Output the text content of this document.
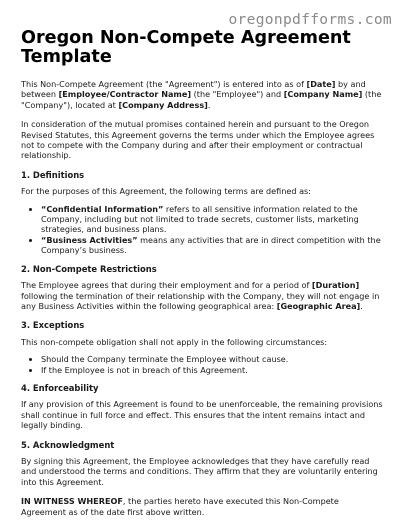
oregonpdfforms.com
Oregon Non-Compete Agreement Template

This Non-Compete Agreement (the "Agreement") is entered into as of [Date] by and between [Employee/Contractor Name] (the "Employee") and [Company Name] (the "Company"), located at [Company Address].

In consideration of the mutual promises contained herein and pursuant to the Oregon Revised Statutes, this Agreement governs the terms under which the Employee agrees not to compete with the Company during and after their employment or contractual relationship.

1. Definitions

For the purposes of this Agreement, the following terms are defined as:

• “Confidential Information” refers to all sensitive information related to the Company, including but not limited to trade secrets, customer lists, marketing strategies, and business plans.
• “Business Activities” means any activities that are in direct competition with the Company’s business.
2. Non-Compete Restrictions

The Employee agrees that during their employment and for a period of [Duration] following the termination of their relationship with the Company, they will not engage in any Business Activities within the following geographical area: [Geographic Area].

3. Exceptions

This non-compete obligation shall not apply in the following circumstances:

• Should the Company terminate the Employee without cause.
• If the Employee is not in breach of this Agreement.
4. Enforceability

If any provision of this Agreement is found to be unenforceable, the remaining provisions shall continue in full force and effect. This ensures that the intent remains intact and legally binding.

5. Acknowledgment

By signing this Agreement, the Employee acknowledges that they have carefully read and understood the terms and conditions. They affirm that they are voluntarily entering into this Agreement.

IN WITNESS WHEREOF, the parties hereto have executed this Non-Compete Agreement as of the date first above written.
